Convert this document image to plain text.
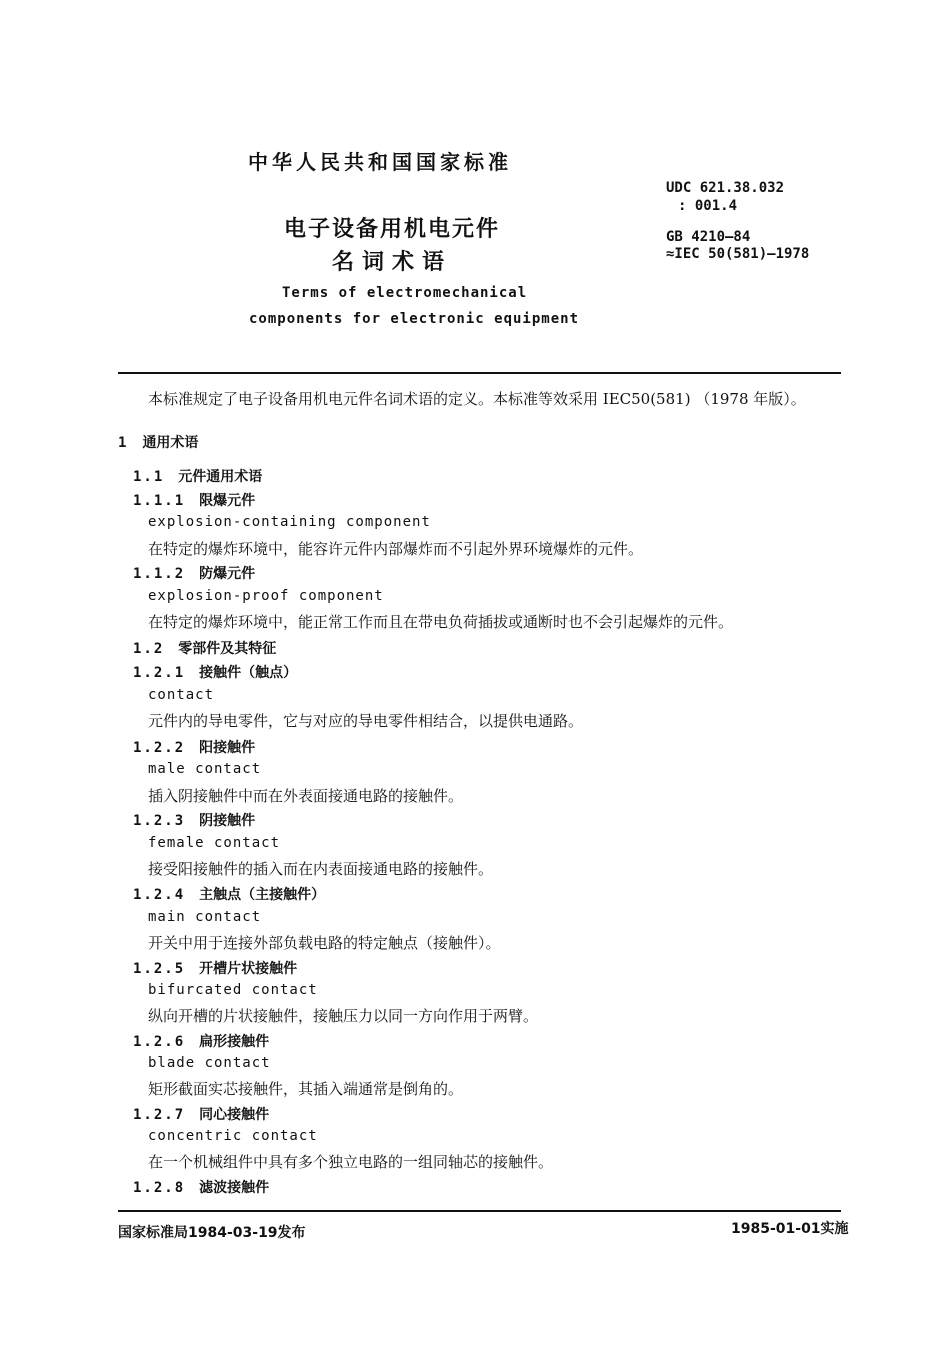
中华人民共和国国家标准
电子设备用机电元件
名词术语
Terms of electromechanical
components for electronic equipment
UDC 621.38.032
: 001.4
GB 4210—84
≈IEC 50(581)—1978
本标准规定了电子设备用机电元件名词术语的定义。本标准等效采用 IEC50(581) （1978 年版）。
1 通用术语
1.1 元件通用术语
1.1.1 限爆元件
explosion-containing component
在特定的爆炸环境中，能容许元件内部爆炸而不引起外界环境爆炸的元件。
1.1.2 防爆元件
explosion-proof component
在特定的爆炸环境中，能正常工作而且在带电负荷插拔或通断时也不会引起爆炸的元件。
1.2 零部件及其特征
1.2.1 接触件（触点）
contact
元件内的导电零件，它与对应的导电零件相结合，以提供电通路。
1.2.2 阳接触件
male contact
插入阴接触件中而在外表面接通电路的接触件。
1.2.3 阴接触件
female contact
接受阳接触件的插入而在内表面接通电路的接触件。
1.2.4 主触点（主接触件）
main contact
开关中用于连接外部负载电路的特定触点（接触件）。
1.2.5 开槽片状接触件
bifurcated contact
纵向开槽的片状接触件，接触压力以同一方向作用于两臂。
1.2.6 扁形接触件
blade contact
矩形截面实芯接触件，其插入端通常是倒角的。
1.2.7 同心接触件
concentric contact
在一个机械组件中具有多个独立电路的一组同轴芯的接触件。
1.2.8 滤波接触件
国家标准局1984-03-19发布	1985-01-01实施
